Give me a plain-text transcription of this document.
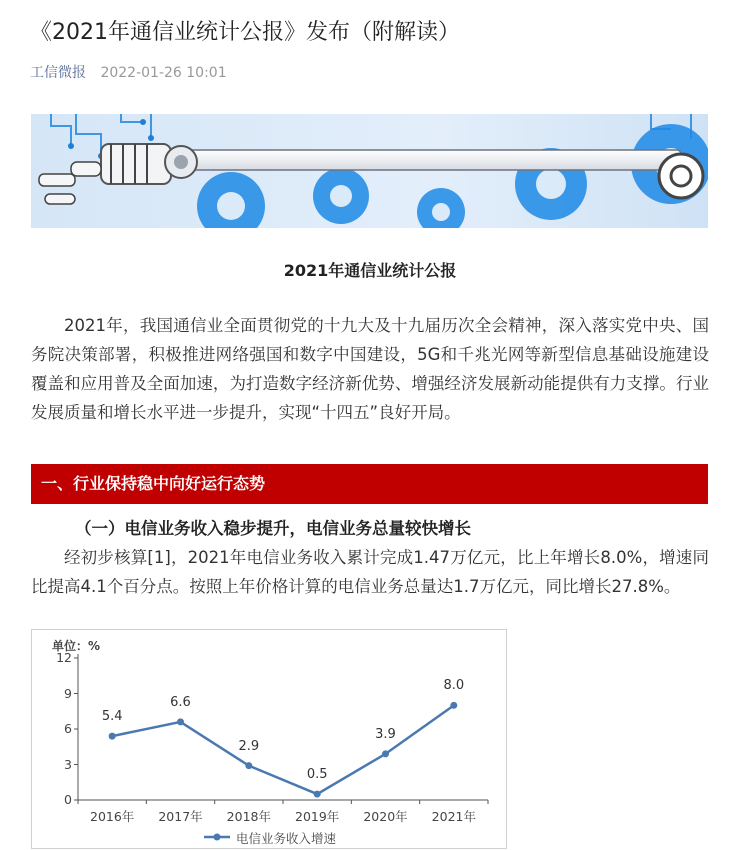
《2021年通信业统计公报》发布（附解读）
工信微报 2022-01-26 10:01
2021年通信业统计公报

2021年，我国通信业全面贯彻党的十九大及十九届历次全会精神，深入落实党中央、国务院决策部署，积极推进网络强国和数字中国建设，5G和千兆光网等新型信息基础设施建设覆盖和应用普及全面加速，为打造数字经济新优势、增强经济发展新动能提供有力支撑。行业发展质量和增长水平进一步提升，实现“十四五”良好开局。

一、行业保持稳中向好运行态势
（一）电信业务收入稳步提升，电信业务总量较快增长

经初步核算[1]，2021年电信业务收入累计完成1.47万亿元，比上年增长8.0%，增速同比提高4.1个百分点。按照上年价格计算的电信业务总量达1.7万亿元，同比增长27.8%。

单位：%
0
3
6
9
12
2016年	2017年	2018年	2019年	2020年	2021年
5.4
6.6
2.9
0.5
3.9
8.0
电信业务收入增速
